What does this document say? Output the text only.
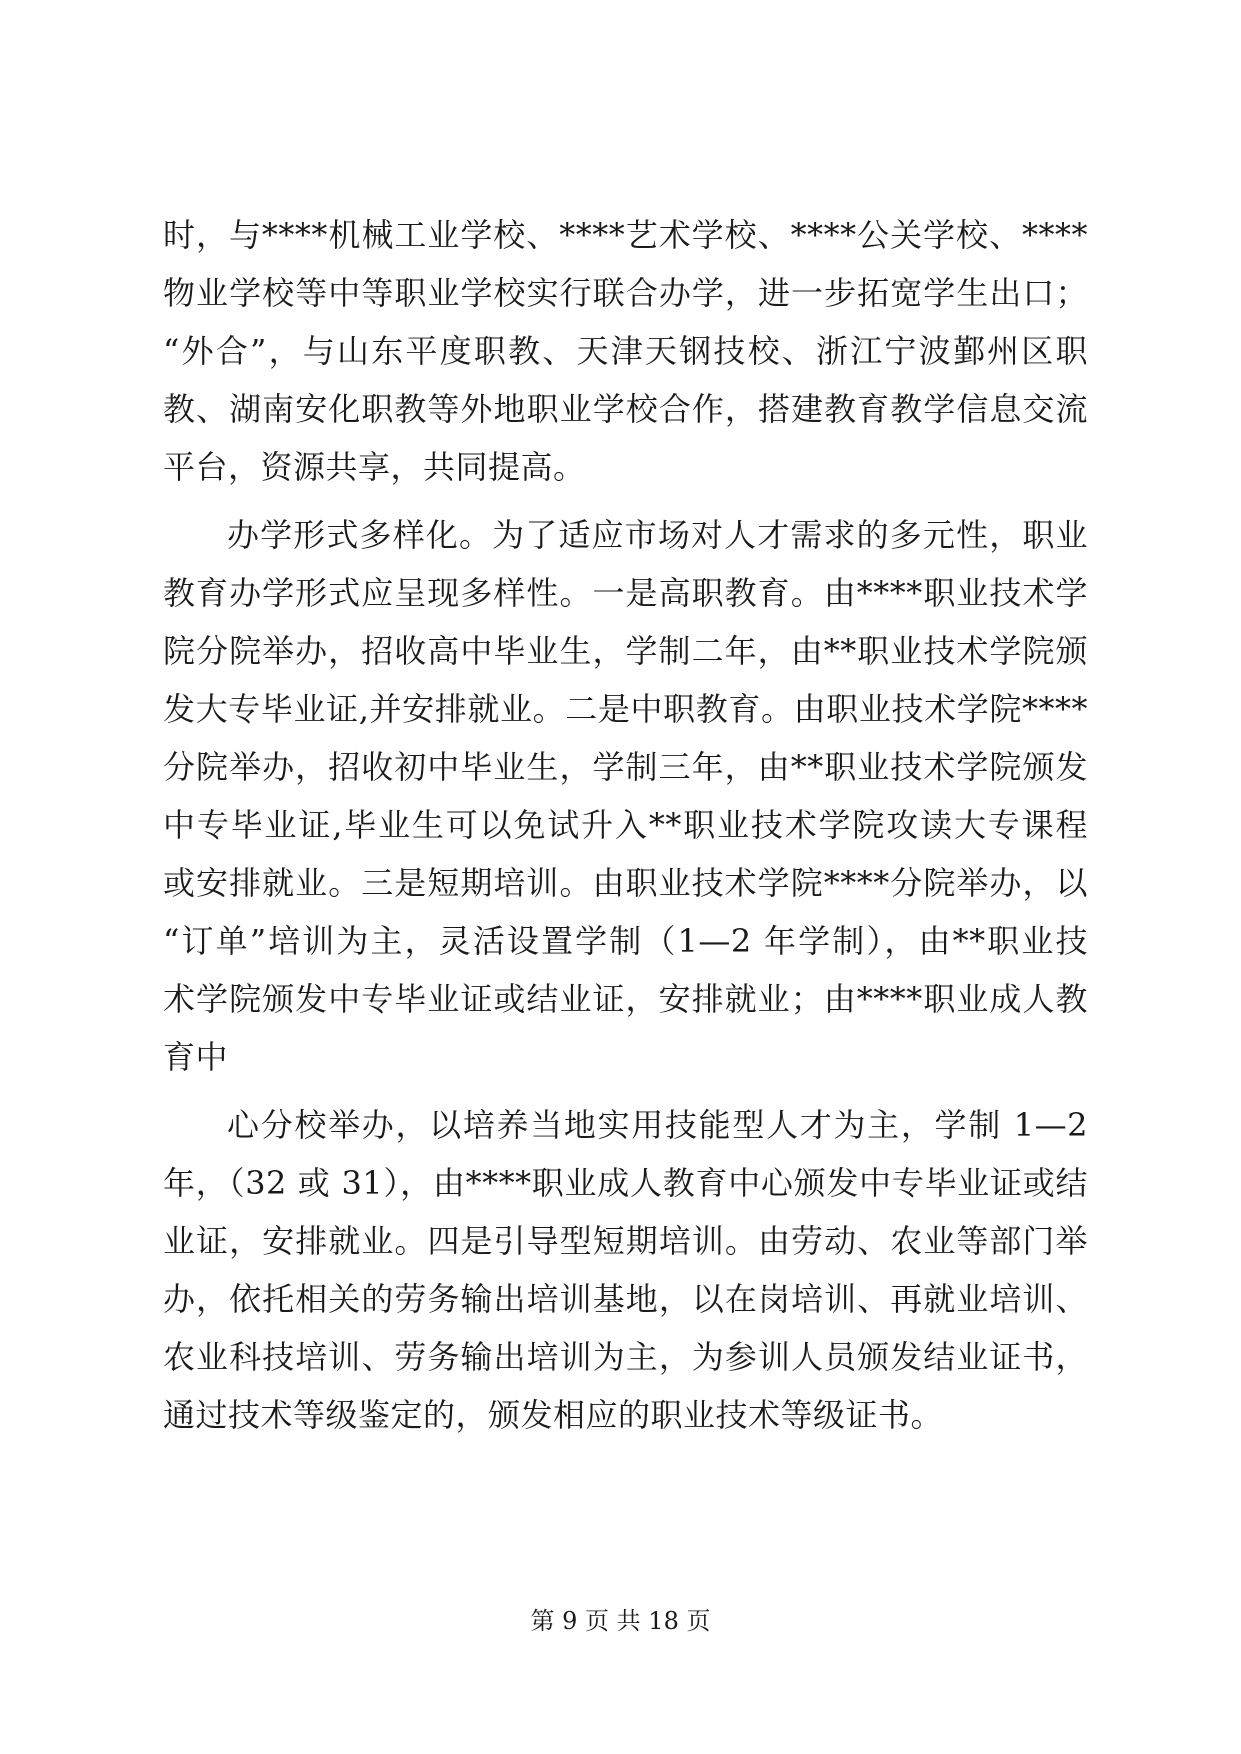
时，与****机械工业学校、****艺术学校、****公关学校、****
物业学校等中等职业学校实行联合办学，进一步拓宽学生出口；
“外合”，与山东平度职教、天津天钢技校、浙江宁波鄞州区职
教、湖南安化职教等外地职业学校合作，搭建教育教学信息交流
平台，资源共享，共同提高。
办学形式多样化。为了适应市场对人才需求的多元性，职业
教育办学形式应呈现多样性。一是高职教育。由****职业技术学
院分院举办，招收高中毕业生，学制二年，由**职业技术学院颁
发大专毕业证,并安排就业。二是中职教育。由职业技术学院****
分院举办，招收初中毕业生，学制三年，由**职业技术学院颁发
中专毕业证,毕业生可以免试升入**职业技术学院攻读大专课程
或安排就业。三是短期培训。由职业技术学院****分院举办，以
“订单”培训为主，灵活设置学制（1—2 年学制），由**职业技
术学院颁发中专毕业证或结业证，安排就业；由****职业成人教
育中
心分校举办，以培养当地实用技能型人才为主，学制 1—2
年，（32 或 31），由****职业成人教育中心颁发中专毕业证或结
业证，安排就业。四是引导型短期培训。由劳动、农业等部门举
办，依托相关的劳务输出培训基地，以在岗培训、再就业培训、
农业科技培训、劳务输出培训为主，为参训人员颁发结业证书，
通过技术等级鉴定的，颁发相应的职业技术等级证书。
第 9 页 共 18 页
